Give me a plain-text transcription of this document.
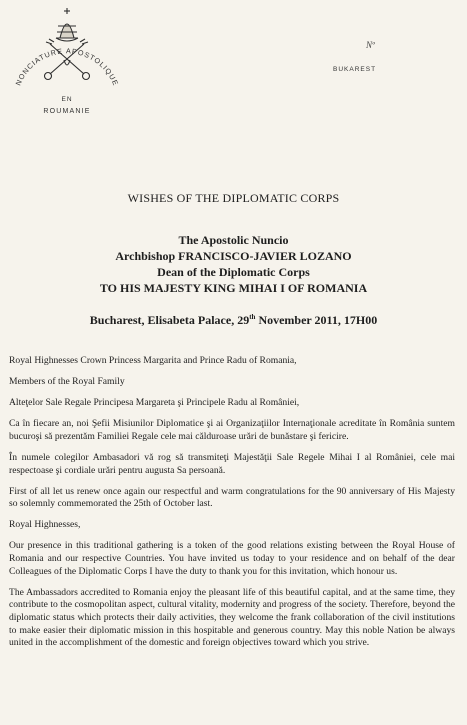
NONCIATURE APOSTOLIQUE
EN
ROUMANIE
Nº
BUKAREST
WISHES OF THE DIPLOMATIC CORPS
The Apostolic Nuncio
Archbishop FRANCISCO-JAVIER LOZANO
Dean of the Diplomatic Corps
TO HIS MAJESTY KING MIHAI I OF ROMANIA
Bucharest, Elisabeta Palace, 29th November 2011, 17H00

Royal Highnesses Crown Princess Margarita and Prince Radu of Romania,

Members of the Royal Family

Alteţelor Sale Regale Principesa Margareta şi Principele Radu al României,

Ca în fiecare an, noi Şefii Misiunilor Diplomatice şi ai Organizaţiilor Internaţionale acreditate în România suntem bucuroşi să prezentăm Familiei Regale cele mai călduroase urări de bunăstare şi fericire.

În numele colegilor Ambasadori vă rog să transmiteţi Majestăţii Sale Regele Mihai I al României, cele mai respectoase şi cordiale urări pentru augusta Sa persoană.

First of all let us renew once again our respectful and warm congratulations for the 90 anniversary of His Majesty so solemnly commemorated the 25th of October last.

Royal Highnesses,

Our presence in this traditional gathering is a token of the good relations existing between the Royal House of Romania and our respective Countries. You have invited us today to your residence and on behalf of the dear Colleagues of the Diplomatic Corps I have the duty to thank you for this invitation, which honour us.

The Ambassadors accredited to Romania enjoy the pleasant life of this beautiful capital, and at the same time, they contribute to the cosmopolitan aspect, cultural vitality, modernity and progress of the society. Therefore, beyond the diplomatic status which protects their daily activities, they welcome the frank collaboration of the civil institutions to make easier their diplomatic mission in this hospitable and generous country. May this noble Nation be always united in the accomplishment of the domestic and foreign objectives toward which you strive.
